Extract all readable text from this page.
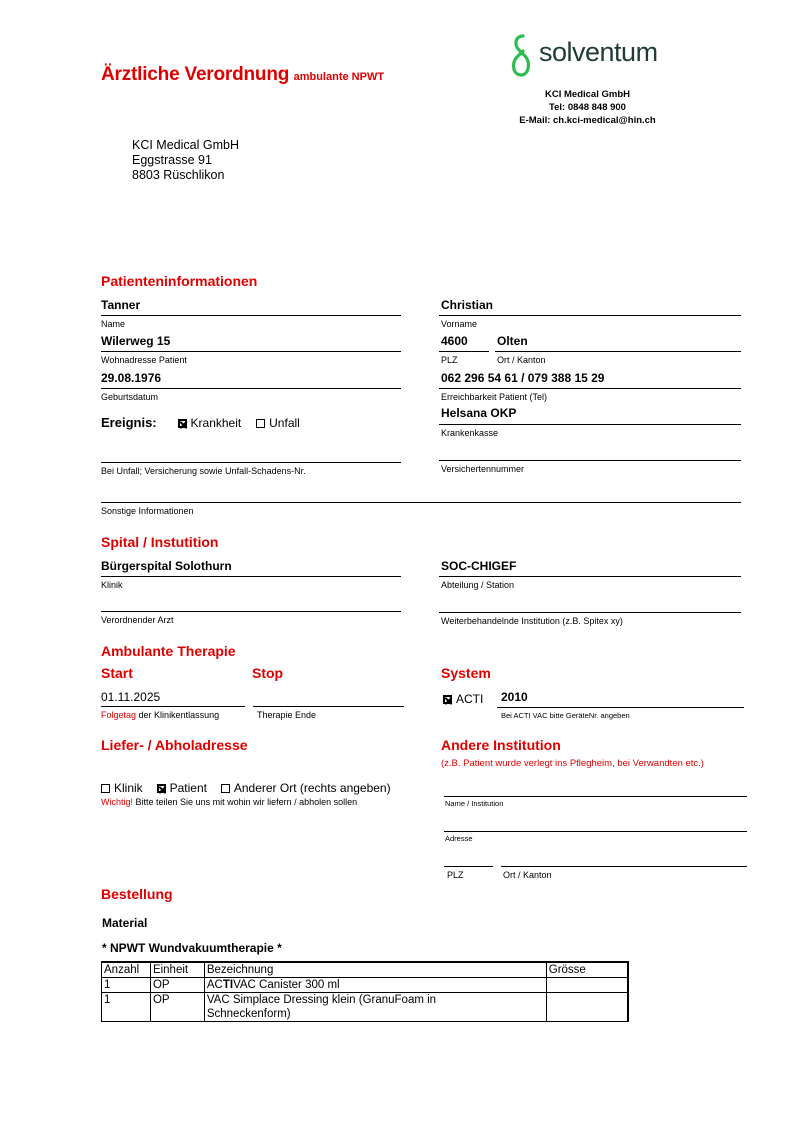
Ärztliche Verordnung ambulante NPWT
solventum
KCI Medical GmbH
Tel: 0848 848 900
E-Mail: ch.kci-medical@hin.ch
KCI Medical GmbH
Eggstrasse 91
8803 Rüschlikon
Patienteninformationen
Tanner
Name
Wilerweg 15
Wohnadresse Patient
29.08.1976
Geburtsdatum
Ereignis:	Krankheit Unfall
Bei Unfall; Versicherung sowie Unfall-Schadens-Nr.
Sonstige Informationen
Christian
Vorname
4600
PLZ
Olten
Ort / Kanton
062 296 54 61 / 079 388 15 29
Erreichbarkeit Patient (Tel)
Helsana OKP
Krankenkasse
Versichertennummer
Spital / Instutition
Bürgerspital Solothurn
Klinik
Verordnender Arzt
SOC-CHIGEF
Abteilung / Station
Weiterbehandelnde Institution (z.B. Spitex xy)
Ambulante Therapie
Start	Stop
01.11.2025
Folgetag der Klinikentlassung	Therapie Ende
System
ACTI 2010
Bei ACTI VAC bitte GeräteNr. angeben
Liefer- / Abholadresse
Klinik Patient Anderer Ort (rechts angeben)
Wichtig! Bitte teilen Sie uns mit wohin wir liefern / abholen sollen
Andere Institution
(z.B. Patient wurde verlegt ins Pflegheim, bei Verwandten etc.)
Name / Institution
Adresse
PLZ	Ort / Kanton
Bestellung
Material
* NPWT Wundvakuumtherapie *
Anzahl	Einheit	Bezeichnung	Grösse
1	OP	ACTIVAC Canister 300 ml	
1	OP	VAC Simplace Dressing klein (GranuFoam in Schneckenform)	
